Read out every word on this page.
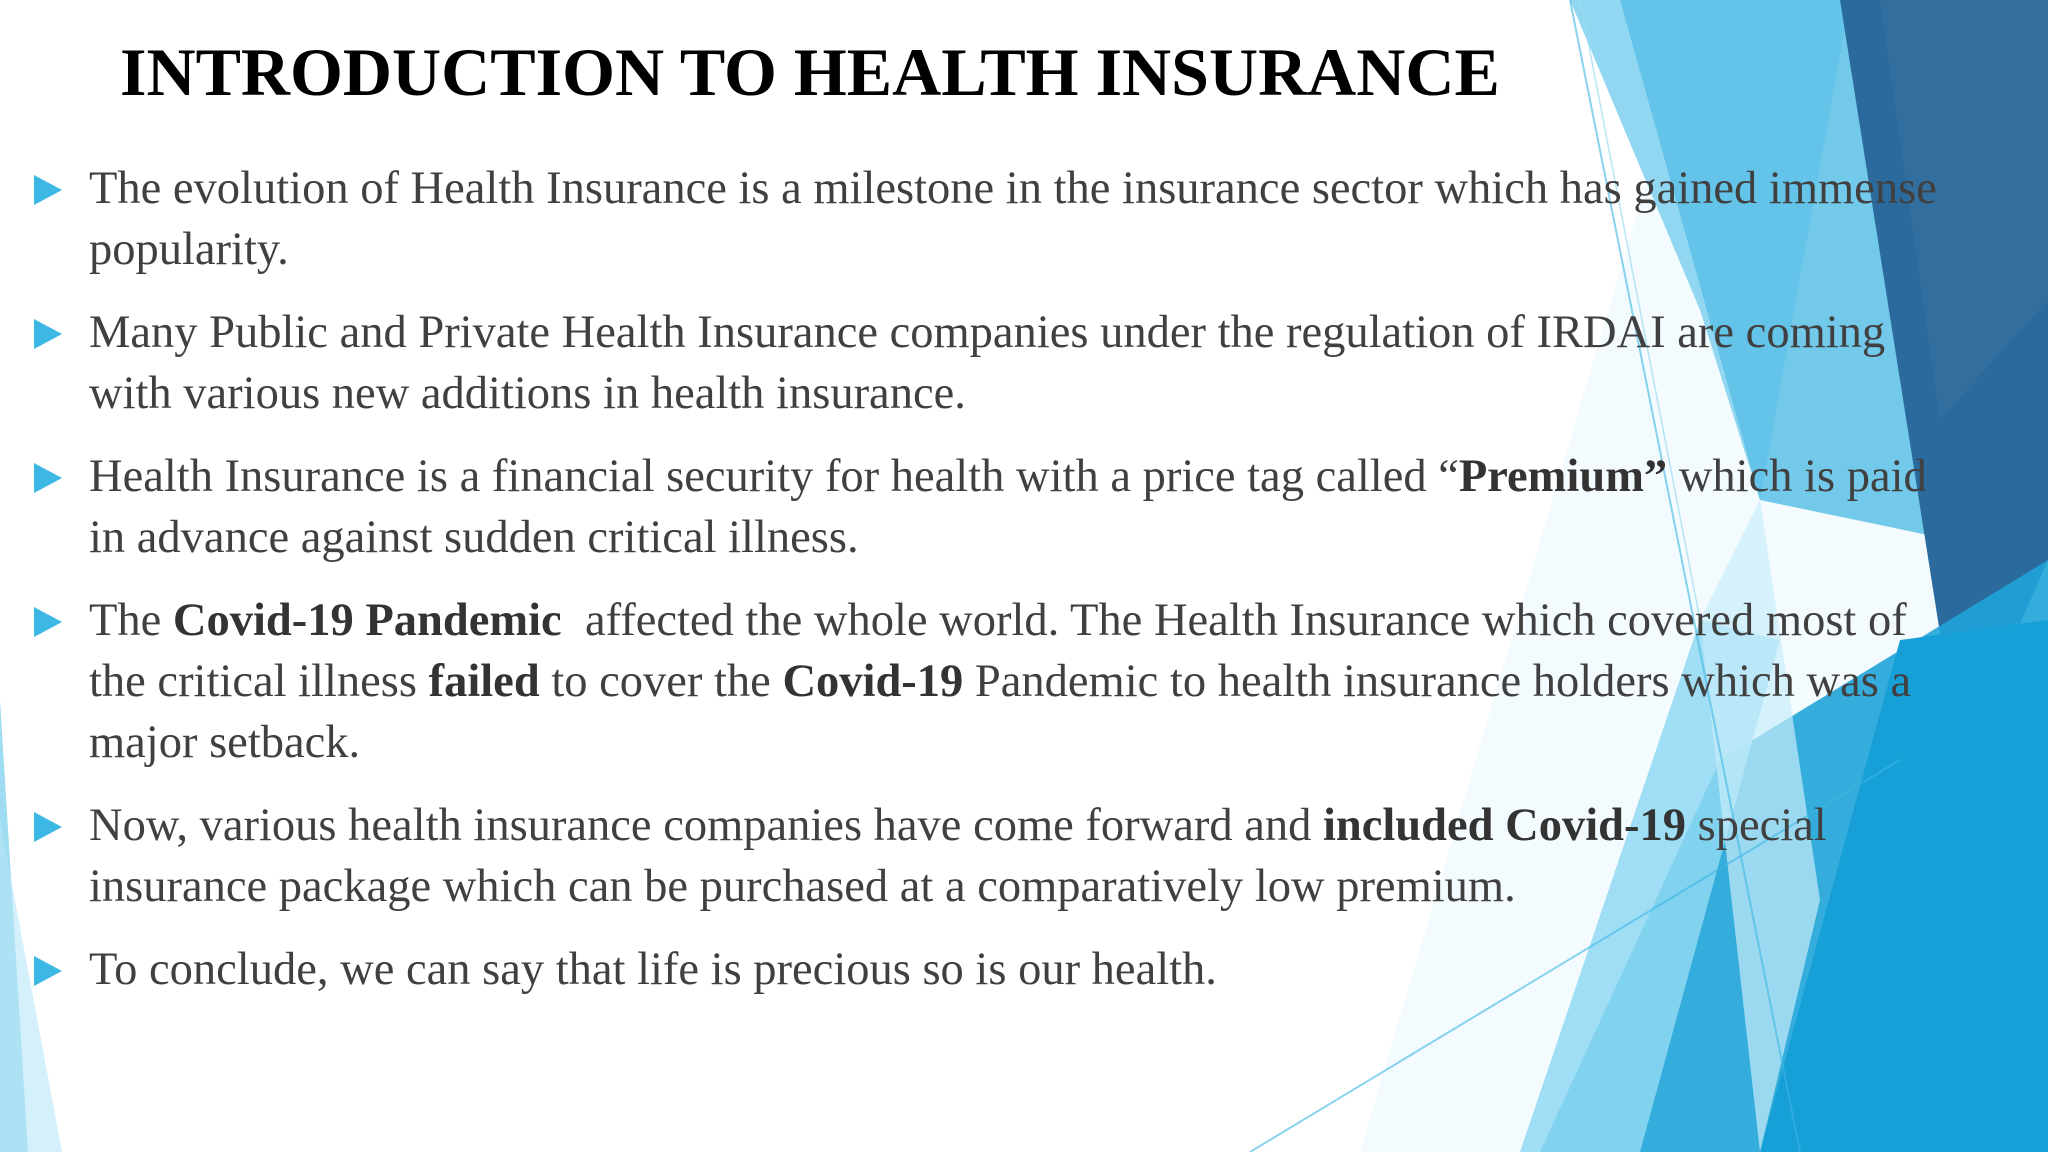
INTRODUCTION TO HEALTH INSURANCE
The evolution of Health Insurance is a milestone in the insurance sector which has gained immense popularity.
Many Public and Private Health Insurance companies under the regulation of IRDAI are coming with various new additions in health insurance.
Health Insurance is a financial security for health with a price tag called “Premium” which is paid in advance against sudden critical illness.
The Covid-19 Pandemic  affected the whole world. The Health Insurance which covered most of the critical illness failed to cover the Covid-19 Pandemic to health insurance holders which was a major setback.
Now, various health insurance companies have come forward and included Covid-19 special insurance package which can be purchased at a comparatively low premium.
To conclude, we can say that life is precious so is our health.
